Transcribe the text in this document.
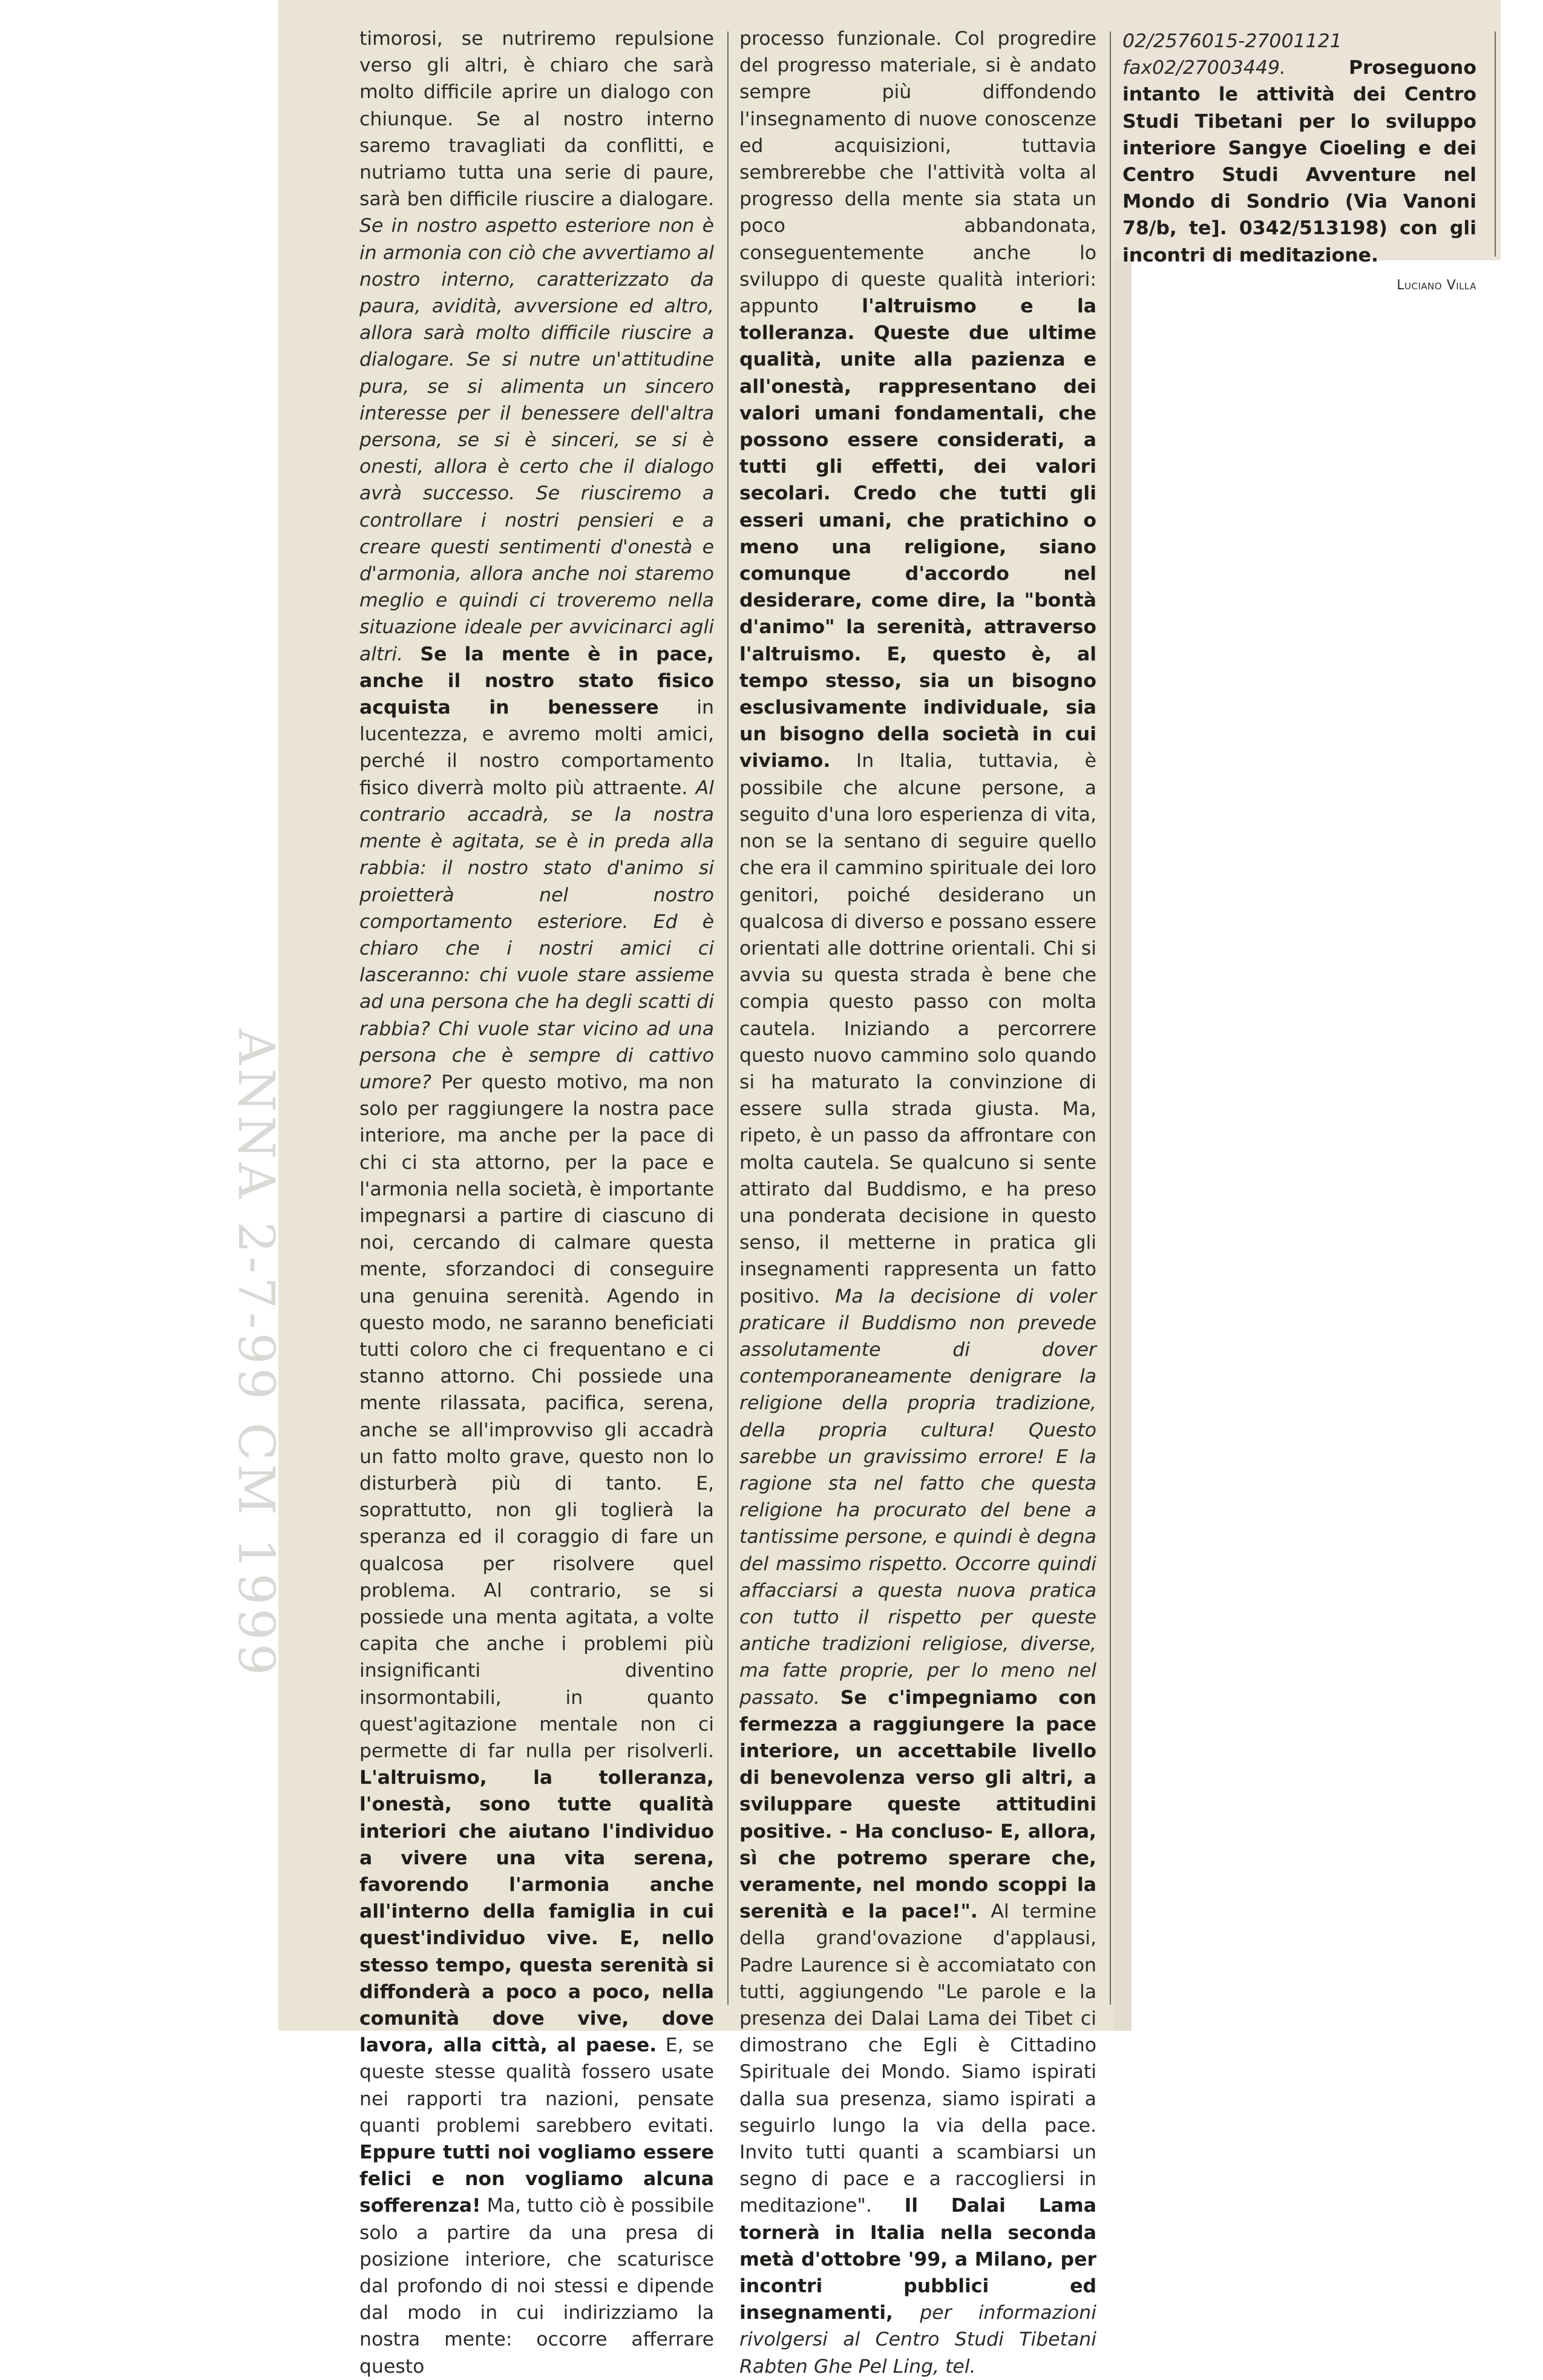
ANNA 2-7-99 CM 1999

timorosi, se nutriremo repulsione verso gli altri, è chiaro che sarà molto difficile aprire un dialogo con chiunque. Se al nostro interno saremo travagliati da conflitti, e nutriamo tutta una serie di paure, sarà ben difficile riuscire a dialogare. Se in nostro aspetto esteriore non è in armonia con ciò che avvertiamo al nostro interno, caratterizzato da paura, avidità, avversione ed altro, allora sarà molto difficile riuscire a dialogare. Se si nutre un'attitudine pura, se si alimenta un sincero interesse per il benessere dell'altra persona, se si è sinceri, se si è onesti, allora è certo che il dialogo avrà successo. Se riusciremo a controllare i nostri pensieri e a creare questi sentimenti d'onestà e d'armonia, allora anche noi staremo meglio e quindi ci troveremo nella situazione ideale per avvicinarci agli altri. Se la mente è in pace, anche il nostro stato fisico acquista in benessere in lucentezza, e avremo molti amici, perché il nostro comportamento fisico diverrà molto più attraente. Al contrario accadrà, se la nostra mente è agitata, se è in preda alla rabbia: il nostro stato d'animo si proietterà nel nostro comportamento esteriore. Ed è chiaro che i nostri amici ci lasceranno: chi vuole stare assieme ad una persona che ha degli scatti di rabbia? Chi vuole star vicino ad una persona che è sempre di cattivo umore? Per questo motivo, ma non solo per raggiungere la nostra pace interiore, ma anche per la pace di chi ci sta attorno, per la pace e l'armonia nella società, è importante impegnarsi a partire di ciascuno di noi, cercando di calmare questa mente, sforzandoci di conseguire una genuina serenità. Agendo in questo modo, ne saranno beneficiati tutti coloro che ci frequentano e ci stanno attorno. Chi possiede una mente rilassata, pacifica, serena, anche se all'improvviso gli accadrà un fatto molto grave, questo non lo disturberà più di tanto. E, soprattutto, non gli toglierà la speranza ed il coraggio di fare un qualcosa per risolvere quel problema. Al contrario, se si possiede una menta agitata, a volte capita che anche i problemi più insignificanti diventino insormontabili, in quanto quest'agitazione mentale non ci permette di far nulla per risolverli. L'altruismo, la tolleranza, l'onestà, sono tutte qualità interiori che aiutano l'individuo a vivere una vita serena, favorendo l'armonia anche all'interno della famiglia in cui quest'individuo vive. E, nello stesso tempo, questa serenità si diffonderà a poco a poco, nella comunità dove vive, dove lavora, alla città, al paese. E, se queste stesse qualità fossero usate nei rapporti tra nazioni, pensate quanti problemi sarebbero evitati. Eppure tutti noi vogliamo essere felici e non vogliamo alcuna sofferenza! Ma, tutto ciò è possibile solo a partire da una presa di posizione interiore, che scaturisce dal profondo di noi stessi e dipende dal modo in cui indirizziamo la nostra mente: occorre afferrare questo

processo funzionale. Col progredire del progresso materiale, si è andato sempre più diffondendo l'insegnamento di nuove conoscenze ed acquisizioni, tuttavia sembrerebbe che l'attività volta al progresso della mente sia stata un poco abbandonata, conseguentemente anche lo sviluppo di queste qualità interiori: appunto l'altruismo e la tolleranza. Queste due ultime qualità, unite alla pazienza e all'onestà, rappresentano dei valori umani fondamentali, che possono essere considerati, a tutti gli effetti, dei valori secolari. Credo che tutti gli esseri umani, che pratichino o meno una religione, siano comunque d'accordo nel desiderare, come dire, la "bontà d'animo" la serenità, attraverso l'altruismo. E, questo è, al tempo stesso, sia un bisogno esclusivamente individuale, sia un bisogno della società in cui viviamo. In Italia, tuttavia, è possibile che alcune persone, a seguito d'una loro esperienza di vita, non se la sentano di seguire quello che era il cammino spirituale dei loro genitori, poiché desiderano un qualcosa di diverso e possano essere orientati alle dottrine orientali. Chi si avvia su questa strada è bene che compia questo passo con molta cautela. Iniziando a percorrere questo nuovo cammino solo quando si ha maturato la convinzione di essere sulla strada giusta. Ma, ripeto, è un passo da affrontare con molta cautela. Se qualcuno si sente attirato dal Buddismo, e ha preso una ponderata decisione in questo senso, il metterne in pratica gli insegnamenti rappresenta un fatto positivo. Ma la decisione di voler praticare il Buddismo non prevede assolutamente di dover contemporaneamente denigrare la religione della propria tradizione, della propria cultura! Questo sarebbe un gravissimo errore! E la ragione sta nel fatto che questa religione ha procurato del bene a tantissime persone, e quindi è degna del massimo rispetto. Occorre quindi affacciarsi a questa nuova pratica con tutto il rispetto per queste antiche tradizioni religiose, diverse, ma fatte proprie, per lo meno nel passato. Se c'impegniamo con fermezza a raggiungere la pace interiore, un accettabile livello di benevolenza verso gli altri, a sviluppare queste attitudini positive. - Ha concluso- E, allora, sì che potremo sperare che, veramente, nel mondo scoppi la serenità e la pace!". Al termine della grand'ovazione d'applausi, Padre Laurence si è accomiatato con tutti, aggiungendo "Le parole e la presenza dei Dalai Lama dei Tibet ci dimostrano che Egli è Cittadino Spirituale dei Mondo. Siamo ispirati dalla sua presenza, siamo ispirati a seguirlo lungo la via della pace. Invito tutti quanti a scambiarsi un segno di pace e a raccogliersi in meditazione". Il Dalai Lama tornerà in Italia nella seconda metà d'ottobre '99, a Milano, per incontri pubblici ed insegnamenti, per informazioni rivolgersi al Centro Studi Tibetani Rabten Ghe Pel Ling, tel.

02/2576015-27001121 fax02/27003449.	Proseguono intanto le attività dei Centro Studi Tibetani per lo sviluppo interiore Sangye Cioeling e dei Centro Studi Avventure nel Mondo di Sondrio (Via Vanoni 78/b, te]. 0342/513198) con gli incontri di meditazione.

Luciano Villa
